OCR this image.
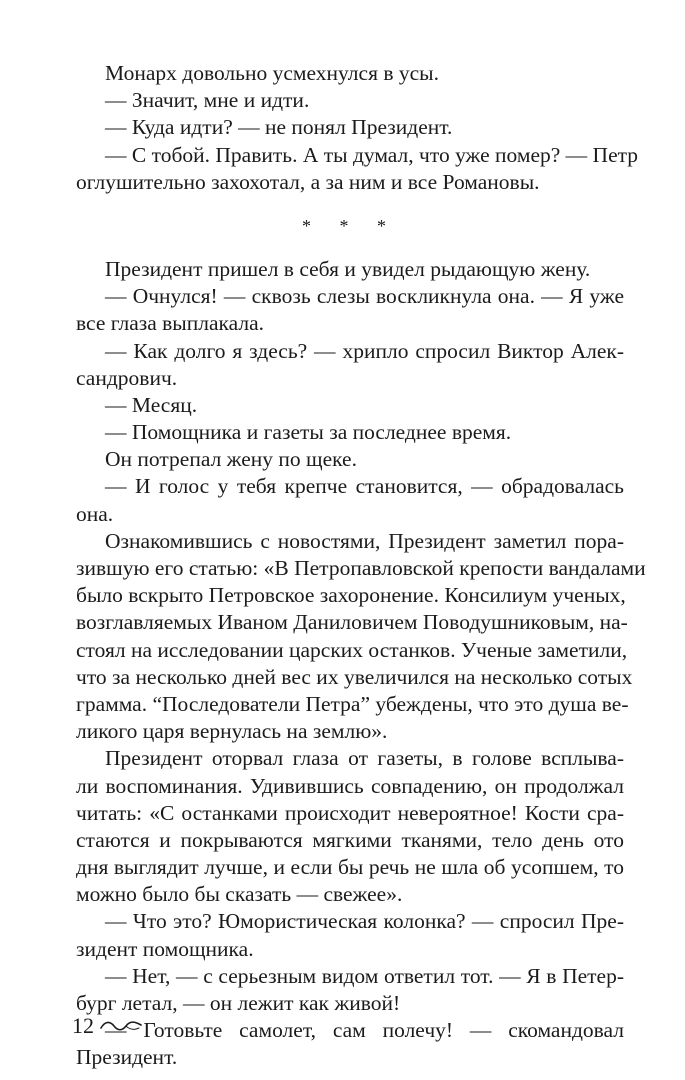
Монарх довольно усмехнулся в усы.
— Значит, мне и идти.
— Куда идти? — не понял Президент.
— С тобой. Править. А ты думал, что уже помер? — Петр
оглушительно захохотал, а за ним и все Романовы.
* * *
Президент пришел в себя и увидел рыдающую жену.
— Очнулся! — сквозь слезы воскликнула она. — Я уже
все глаза выплакала.
— Как долго я здесь? — хрипло спросил Виктор Алек-
сандрович.
— Месяц.
— Помощника и газеты за последнее время.
Он потрепал жену по щеке.
— И голос у тебя крепче становится, — обрадовалась
она.
Ознакомившись с новостями, Президент заметил пора-
зившую его статью: «В Петропавловской крепости вандалами
было вскрыто Петровское захоронение. Консилиум ученых,
возглавляемых Иваном Даниловичем Поводушниковым, на-
стоял на исследовании царских останков. Ученые заметили,
что за несколько дней вес их увеличился на несколько сотых
грамма. “Последователи Петра” убеждены, что это душа ве-
ликого царя вернулась на землю».
Президент оторвал глаза от газеты, в голове всплыва-
ли воспоминания. Удивившись совпадению, он продолжал
читать: «С останками происходит невероятное! Кости сра-
стаются и покрываются мягкими тканями, тело день ото
дня выглядит лучше, и если бы речь не шла об усопшем, то
можно было бы сказать — свежее».
— Что это? Юмористическая колонка? — спросил Пре-
зидент помощника.
— Нет, — с серьезным видом ответил тот. — Я в Петер-
бург летал, — он лежит как живой!
— Готовьте самолет, сам полечу! — скомандовал
Президент.
12
